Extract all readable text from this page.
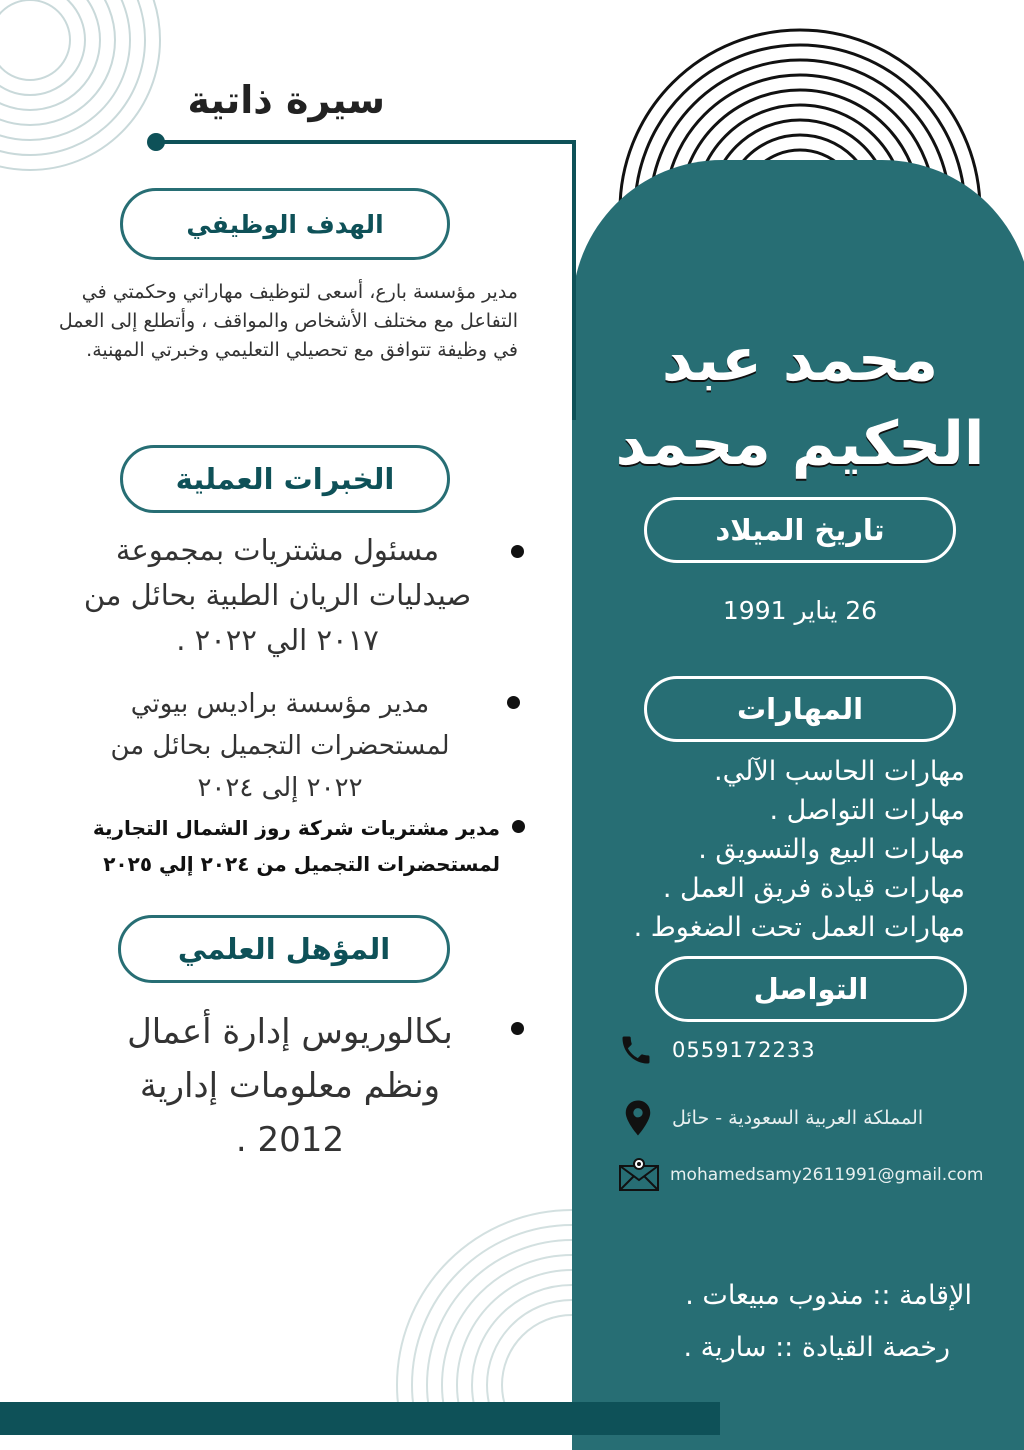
سيرة ذاتية
الهدف الوظيفي
مدير مؤسسة بارع، أسعى لتوظيف مهاراتي وحكمتي في التفاعل مع مختلف الأشخاص والمواقف ، وأتطلع إلى العمل في وظيفة تتوافق مع تحصيلي التعليمي وخبرتي المهنية.
الخبرات العملية
مسئول مشتريات بمجموعة صيدليات الريان الطبية بحائل من ٢٠١٧ الي ٢٠٢٢ .
مدير مؤسسة براديس بيوتي لمستحضرات التجميل بحائل من ٢٠٢٢ إلى ٢٠٢٤
مدير مشتريات شركة روز الشمال التجارية لمستحضرات التجميل من ٢٠٢٤ إلي ٢٠٢٥
المؤهل العلمي
بكالوريوس إدارة أعمال ونظم معلومات إدارية 2012 .
محمد عبد
الحكيم محمد
تاريخ الميلاد
26 يناير 1991
المهارات
مهارات الحاسب الآلي.
مهارات التواصل .
مهارات البيع والتسويق .
مهارات قيادة فريق العمل .
مهارات العمل تحت الضغوط .
التواصل
0559172233
المملكة العربية السعودية - حائل
mohamedsamy2611991@gmail.com
الإقامة :: مندوب مبيعات .
رخصة القيادة :: سارية .
